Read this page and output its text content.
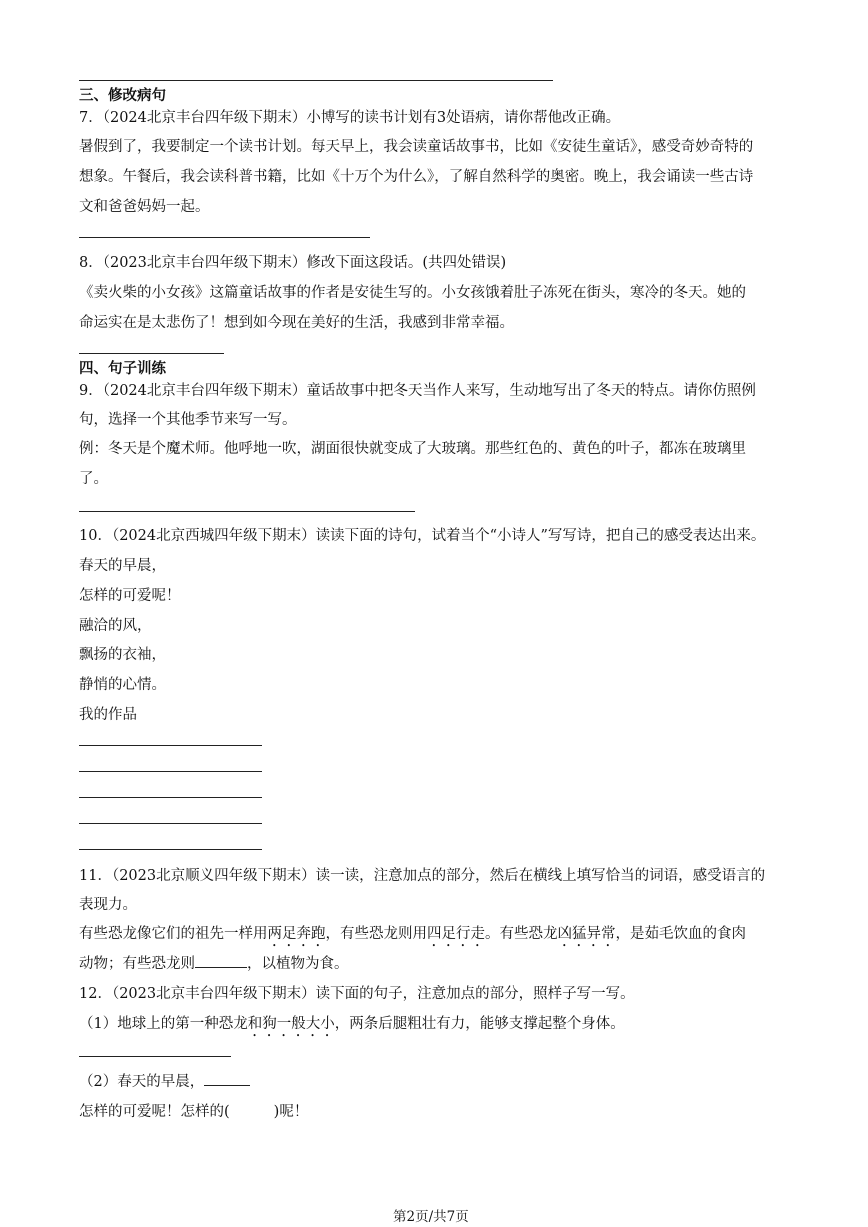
三、修改病句
7．（2024北京丰台四年级下期末）小博写的读书计划有3处语病，请你帮他改正确。
暑假到了，我要制定一个读书计划。每天早上，我会读童话故事书，比如《安徒生童话》，感受奇妙奇特的
想象。午餐后，我会读科普书籍，比如《十万个为什么》，了解自然科学的奥密。晚上，我会诵读一些古诗
文和爸爸妈妈一起。
8．（2023北京丰台四年级下期末）修改下面这段话。(共四处错误)
《卖火柴的小女孩》这篇童话故事的作者是安徒生写的。小女孩饿着肚子冻死在街头，寒冷的冬天。她的
命运实在是太悲伤了！想到如今现在美好的生活，我感到非常幸福。
四、句子训练
9．（2024北京丰台四年级下期末）童话故事中把冬天当作人来写，生动地写出了冬天的特点。请你仿照例
句，选择一个其他季节来写一写。
例：冬天是个魔术师。他呼地一吹，湖面很快就变成了大玻璃。那些红色的、黄色的叶子，都冻在玻璃里
了。
10．（2024北京西城四年级下期末）读读下面的诗句，试着当个“小诗人”写写诗，把自己的感受表达出来。
春天的早晨，
怎样的可爱呢！
融洽的风，
飘扬的衣袖，
静悄的心情。
我的作品
11．（2023北京顺义四年级下期末）读一读，注意加点的部分，然后在横线上填写恰当的词语，感受语言的
表现力。
有些恐龙像它们的祖先一样用两足奔跑，有些恐龙则用四足行走。有些恐龙凶猛异常，是茹毛饮血的食肉
动物；有些恐龙则	，以植物为食。
12．（2023北京丰台四年级下期末）读下面的句子，注意加点的部分，照样子写一写。
（1）地球上的第一种恐龙和狗一般大小，两条后腿粗壮有力，能够支撑起整个身体。
（2）春天的早晨，
怎样的可爱呢！怎样的(	)呢！
第2页/共7页
